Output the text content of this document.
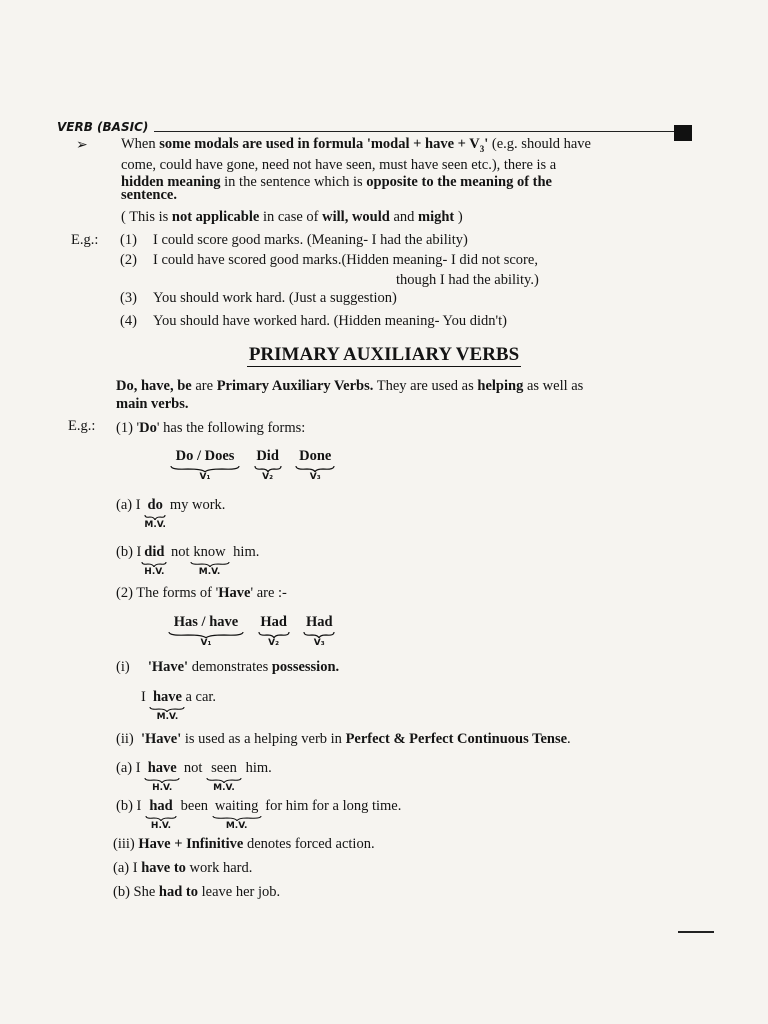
VERB (BASIC)
➢ When some modals are used in formula 'modal + have + $V_3'$ (e.g. should have
come, could have gone, need not have seen, must have seen etc.), there is a
hidden meaning in the sentence which is opposite to the meaning of the
sentence.
( This is not applicable in case of will, would and might )
E.g.: (1) I could score good marks. (Meaning- I had the ability)
(2) I could have scored good marks.(Hidden meaning- I did not score,
though I had the ability.)
(3) You should work hard. (Just a suggestion)
(4) You should have worked hard. (Hidden meaning- You didn't)
PRIMARY AUXILIARY VERBS
Do, have, be are Primary Auxiliary Verbs. They are used as helping as well as
main verbs.
E.g.: (1) 'Do' has the following forms:
Do / Does
V₁
Did
V₂
Done
V₃
(a) I do
M.V.
my work.
(b) I did
H.V.
not know
M.V.
him.
(2) The forms of 'Have' are :-
Has / have
V₁
Had
V₂
Had
V₃
(i) 'Have' demonstrates possession.
I have
M.V.
a car.
(ii) 'Have' is used as a helping verb in Perfect & Perfect Continuous Tense.
(a) I have
H.V.
not seen
M.V.
him.
(b) I had
H.V.
been waiting
M.V.
for him for a long time.
(iii) Have + Infinitive denotes forced action.
(a) I have to work hard.
(b) She had to leave her job.
